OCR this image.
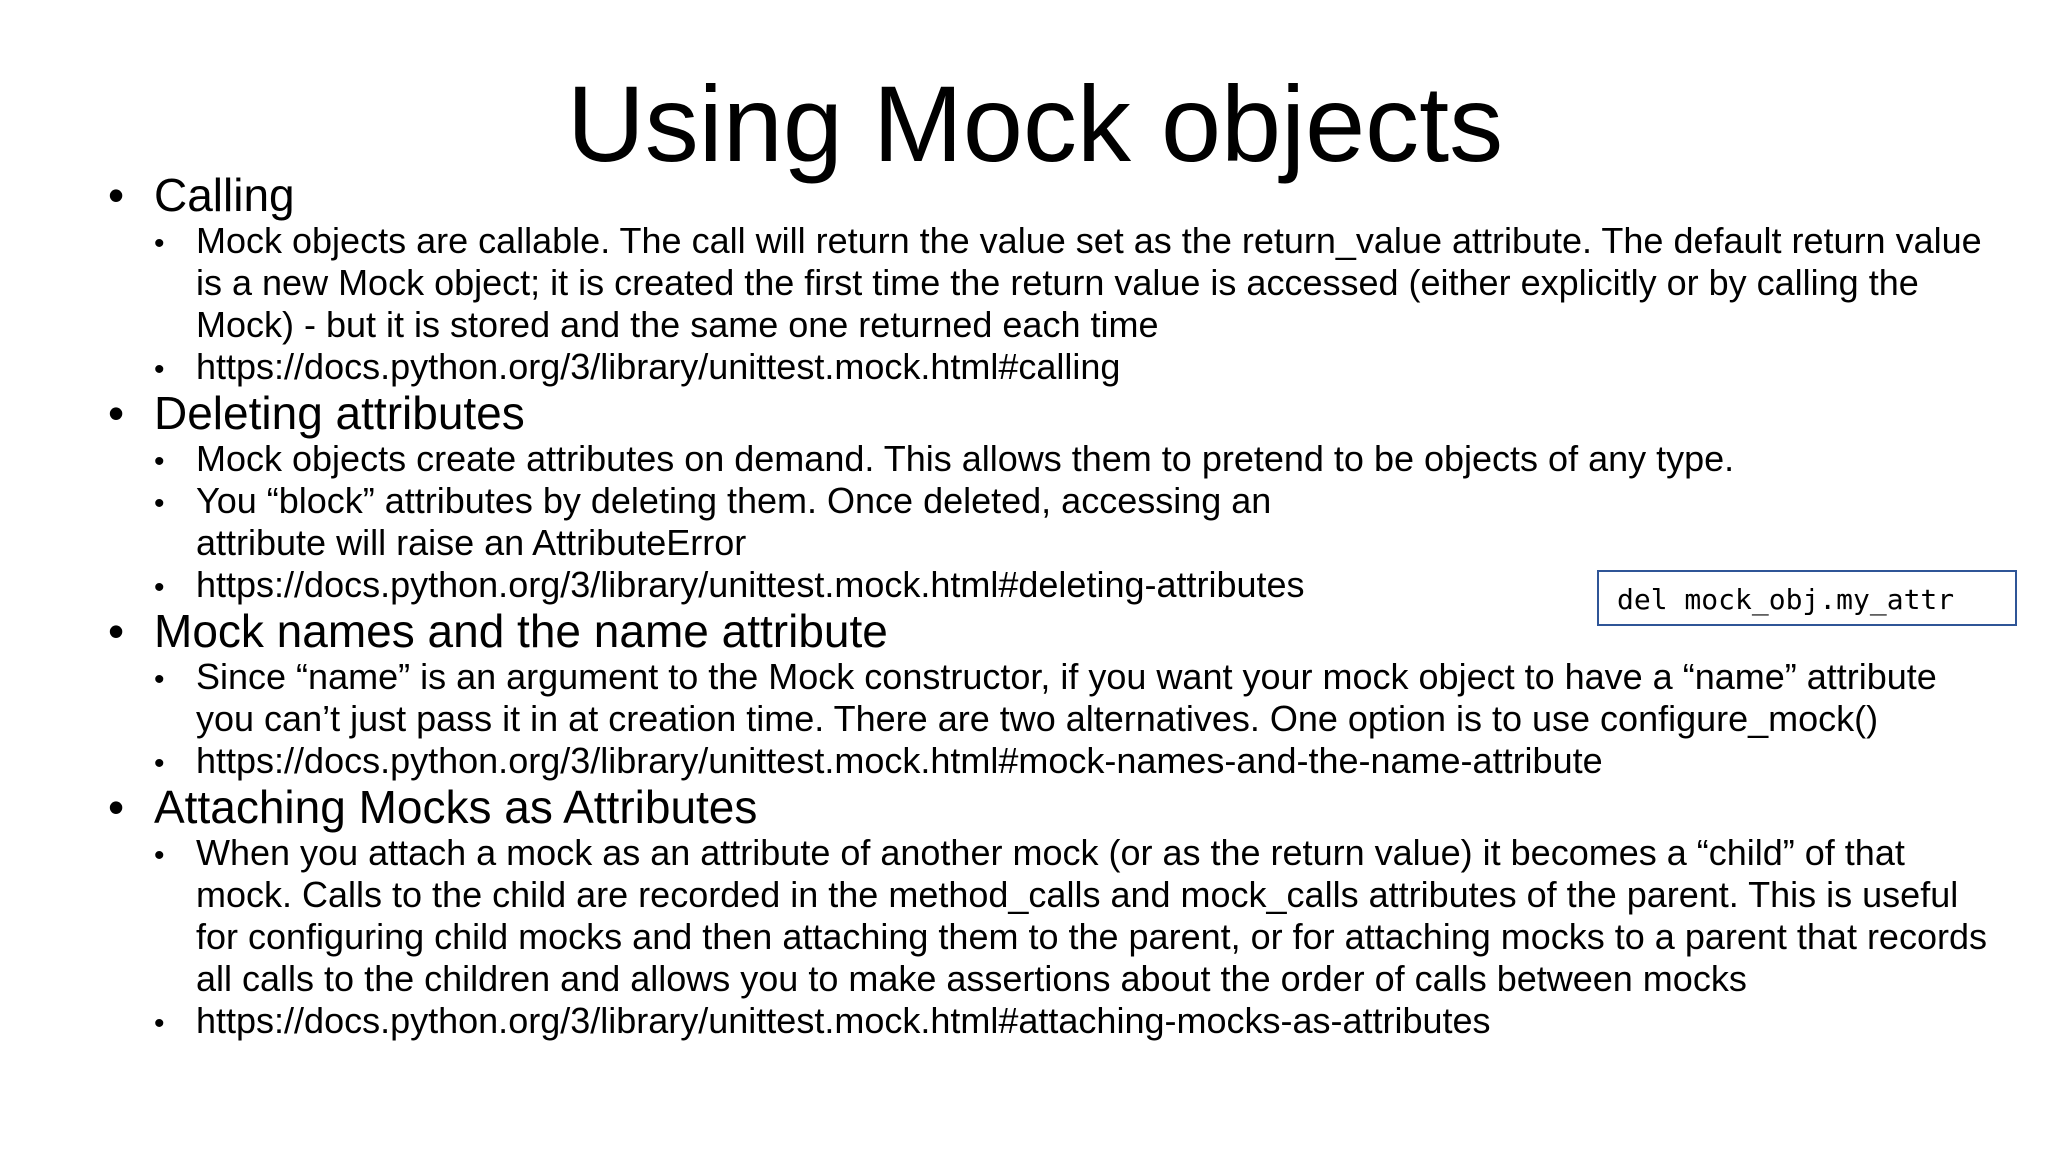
Using Mock objects
• Calling
• Mock objects are callable. The call will return the value set as the return_value attribute. The default return value is a new Mock object; it is created the first time the return value is accessed (either explicitly or by calling the Mock) - but it is stored and the same one returned each time
• https://docs.python.org/3/library/unittest.mock.html#calling
• Deleting attributes
• Mock objects create attributes on demand. This allows them to pretend to be objects of any type.
• You “block” attributes by deleting them. Once deleted, accessing an attribute will raise an AttributeError
• https://docs.python.org/3/library/unittest.mock.html#deleting-attributes
• Mock names and the name attribute
• Since “name” is an argument to the Mock constructor, if you want your mock object to have a “name” attribute you can’t just pass it in at creation time. There are two alternatives. One option is to use configure_mock()
• https://docs.python.org/3/library/unittest.mock.html#mock-names-and-the-name-attribute
• Attaching Mocks as Attributes
• When you attach a mock as an attribute of another mock (or as the return value) it becomes a “child” of that mock. Calls to the child are recorded in the method_calls and mock_calls attributes of the parent. This is useful for configuring child mocks and then attaching them to the parent, or for attaching mocks to a parent that records all calls to the children and allows you to make assertions about the order of calls between mocks
• https://docs.python.org/3/library/unittest.mock.html#attaching-mocks-as-attributes
del mock_obj.my_attr
